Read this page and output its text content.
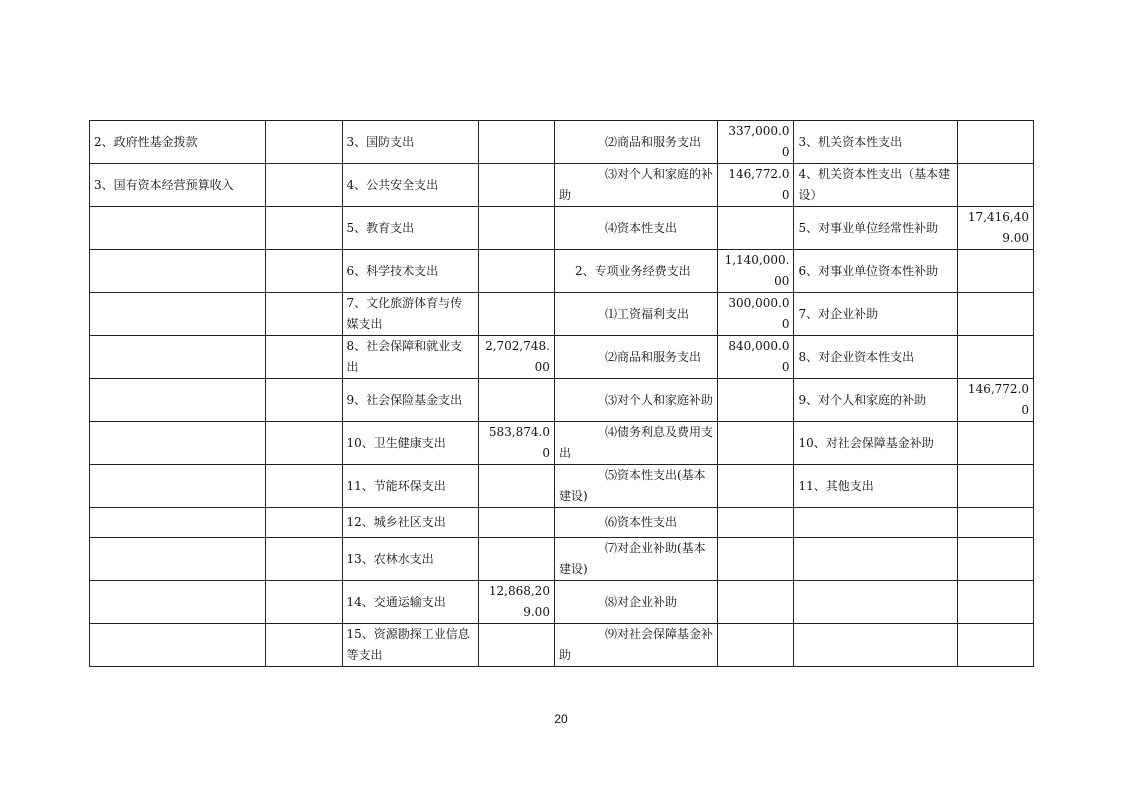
2、政府性基金拨款		3、国防支出		⑵商品和服务支出	337,000.00	3、机关资本性支出	
3、国有资本经营预算收入		4、公共安全支出		⑶对个人和家庭的补助	146,772.00	4、机关资本性支出（基本建设）	
		5、教育支出		⑷资本性支出		5、对事业单位经常性补助	17,416,409.00
		6、科学技术支出		2、专项业务经费支出	1,140,000.00	6、对事业单位资本性补助	
		7、文化旅游体育与传媒支出		⑴工资福利支出	300,000.00	7、对企业补助	
		8、社会保障和就业支出	2,702,748.00	⑵商品和服务支出	840,000.00	8、对企业资本性支出	
		9、社会保险基金支出		⑶对个人和家庭补助		9、对个人和家庭的补助	146,772.00
		10、卫生健康支出	583,874.00	⑷债务利息及费用支出		10、对社会保障基金补助	
		11、节能环保支出		⑸资本性支出(基本建设)		11、其他支出	
		12、城乡社区支出		⑹资本性支出			
		13、农林水支出		⑺对企业补助(基本建设)			
		14、交通运输支出	12,868,209.00	⑻对企业补助			
		15、资源勘探工业信息等支出		⑼对社会保障基金补助			
20
